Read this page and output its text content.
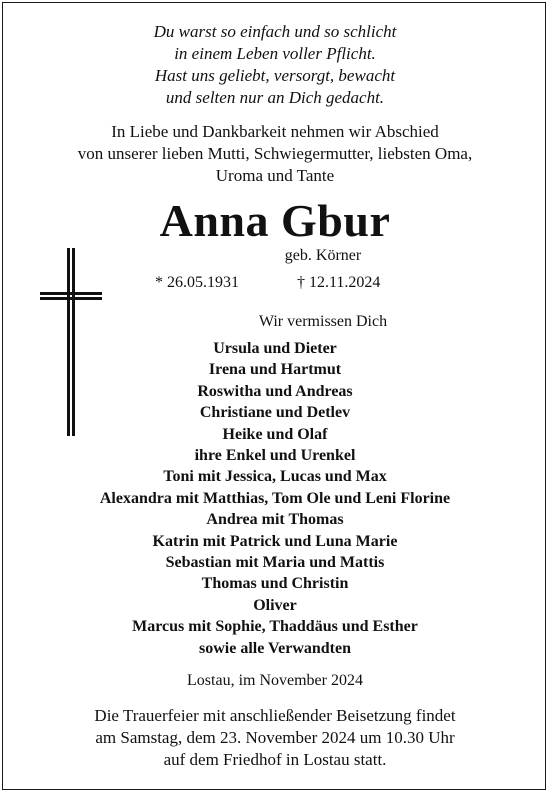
Du warst so einfach und so schlicht
in einem Leben voller Pflicht.
Hast uns geliebt, versorgt, bewacht
und selten nur an Dich gedacht.
In Liebe und Dankbarkeit nehmen wir Abschied
von unserer lieben Mutti, Schwiegermutter, liebsten Oma,
Uroma und Tante
Anna Gbur
geb. Körner
* 26.05.1931	† 12.11.2024
Wir vermissen Dich
Ursula und Dieter
Irena und Hartmut
Roswitha und Andreas
Christiane und Detlev
Heike und Olaf
ihre Enkel und Urenkel
Toni mit Jessica, Lucas und Max
Alexandra mit Matthias, Tom Ole und Leni Florine
Andrea mit Thomas
Katrin mit Patrick und Luna Marie
Sebastian mit Maria und Mattis
Thomas und Christin
Oliver
Marcus mit Sophie, Thaddäus und Esther
sowie alle Verwandten
Lostau, im November 2024
Die Trauerfeier mit anschließender Beisetzung findet
am Samstag, dem 23. November 2024 um 10.30 Uhr
auf dem Friedhof in Lostau statt.
